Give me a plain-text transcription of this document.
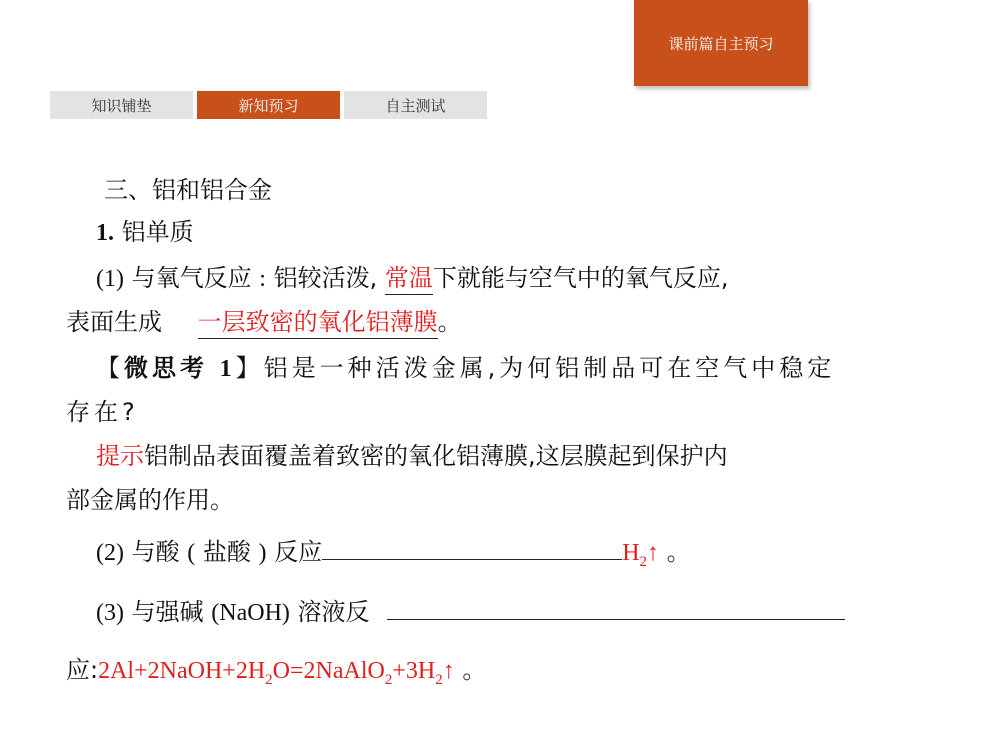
课前篇自主预习
知识铺垫	新知预习	自主测试
三、铝和铝合金
1. 铝单质
(1) 与氧气反应 : 铝较活泼, 常温下就能与空气中的氧气反应,
表面生成 一层致密的氧化铝薄膜。
【微思考 1】铝是一种活泼金属,为何铝制品可在空气中稳定
存在?
提示铝制品表面覆盖着致密的氧化铝薄膜,这层膜起到保护内
部金属的作用。
(2) 与酸 ( 盐酸 ) 反应	$H_2↑$ 。
(3) 与强碱 (NaOH) 溶液反
应$:2Al+2NaOH+2H_2O=2NaAlO_2+3H_2↑$ 。
